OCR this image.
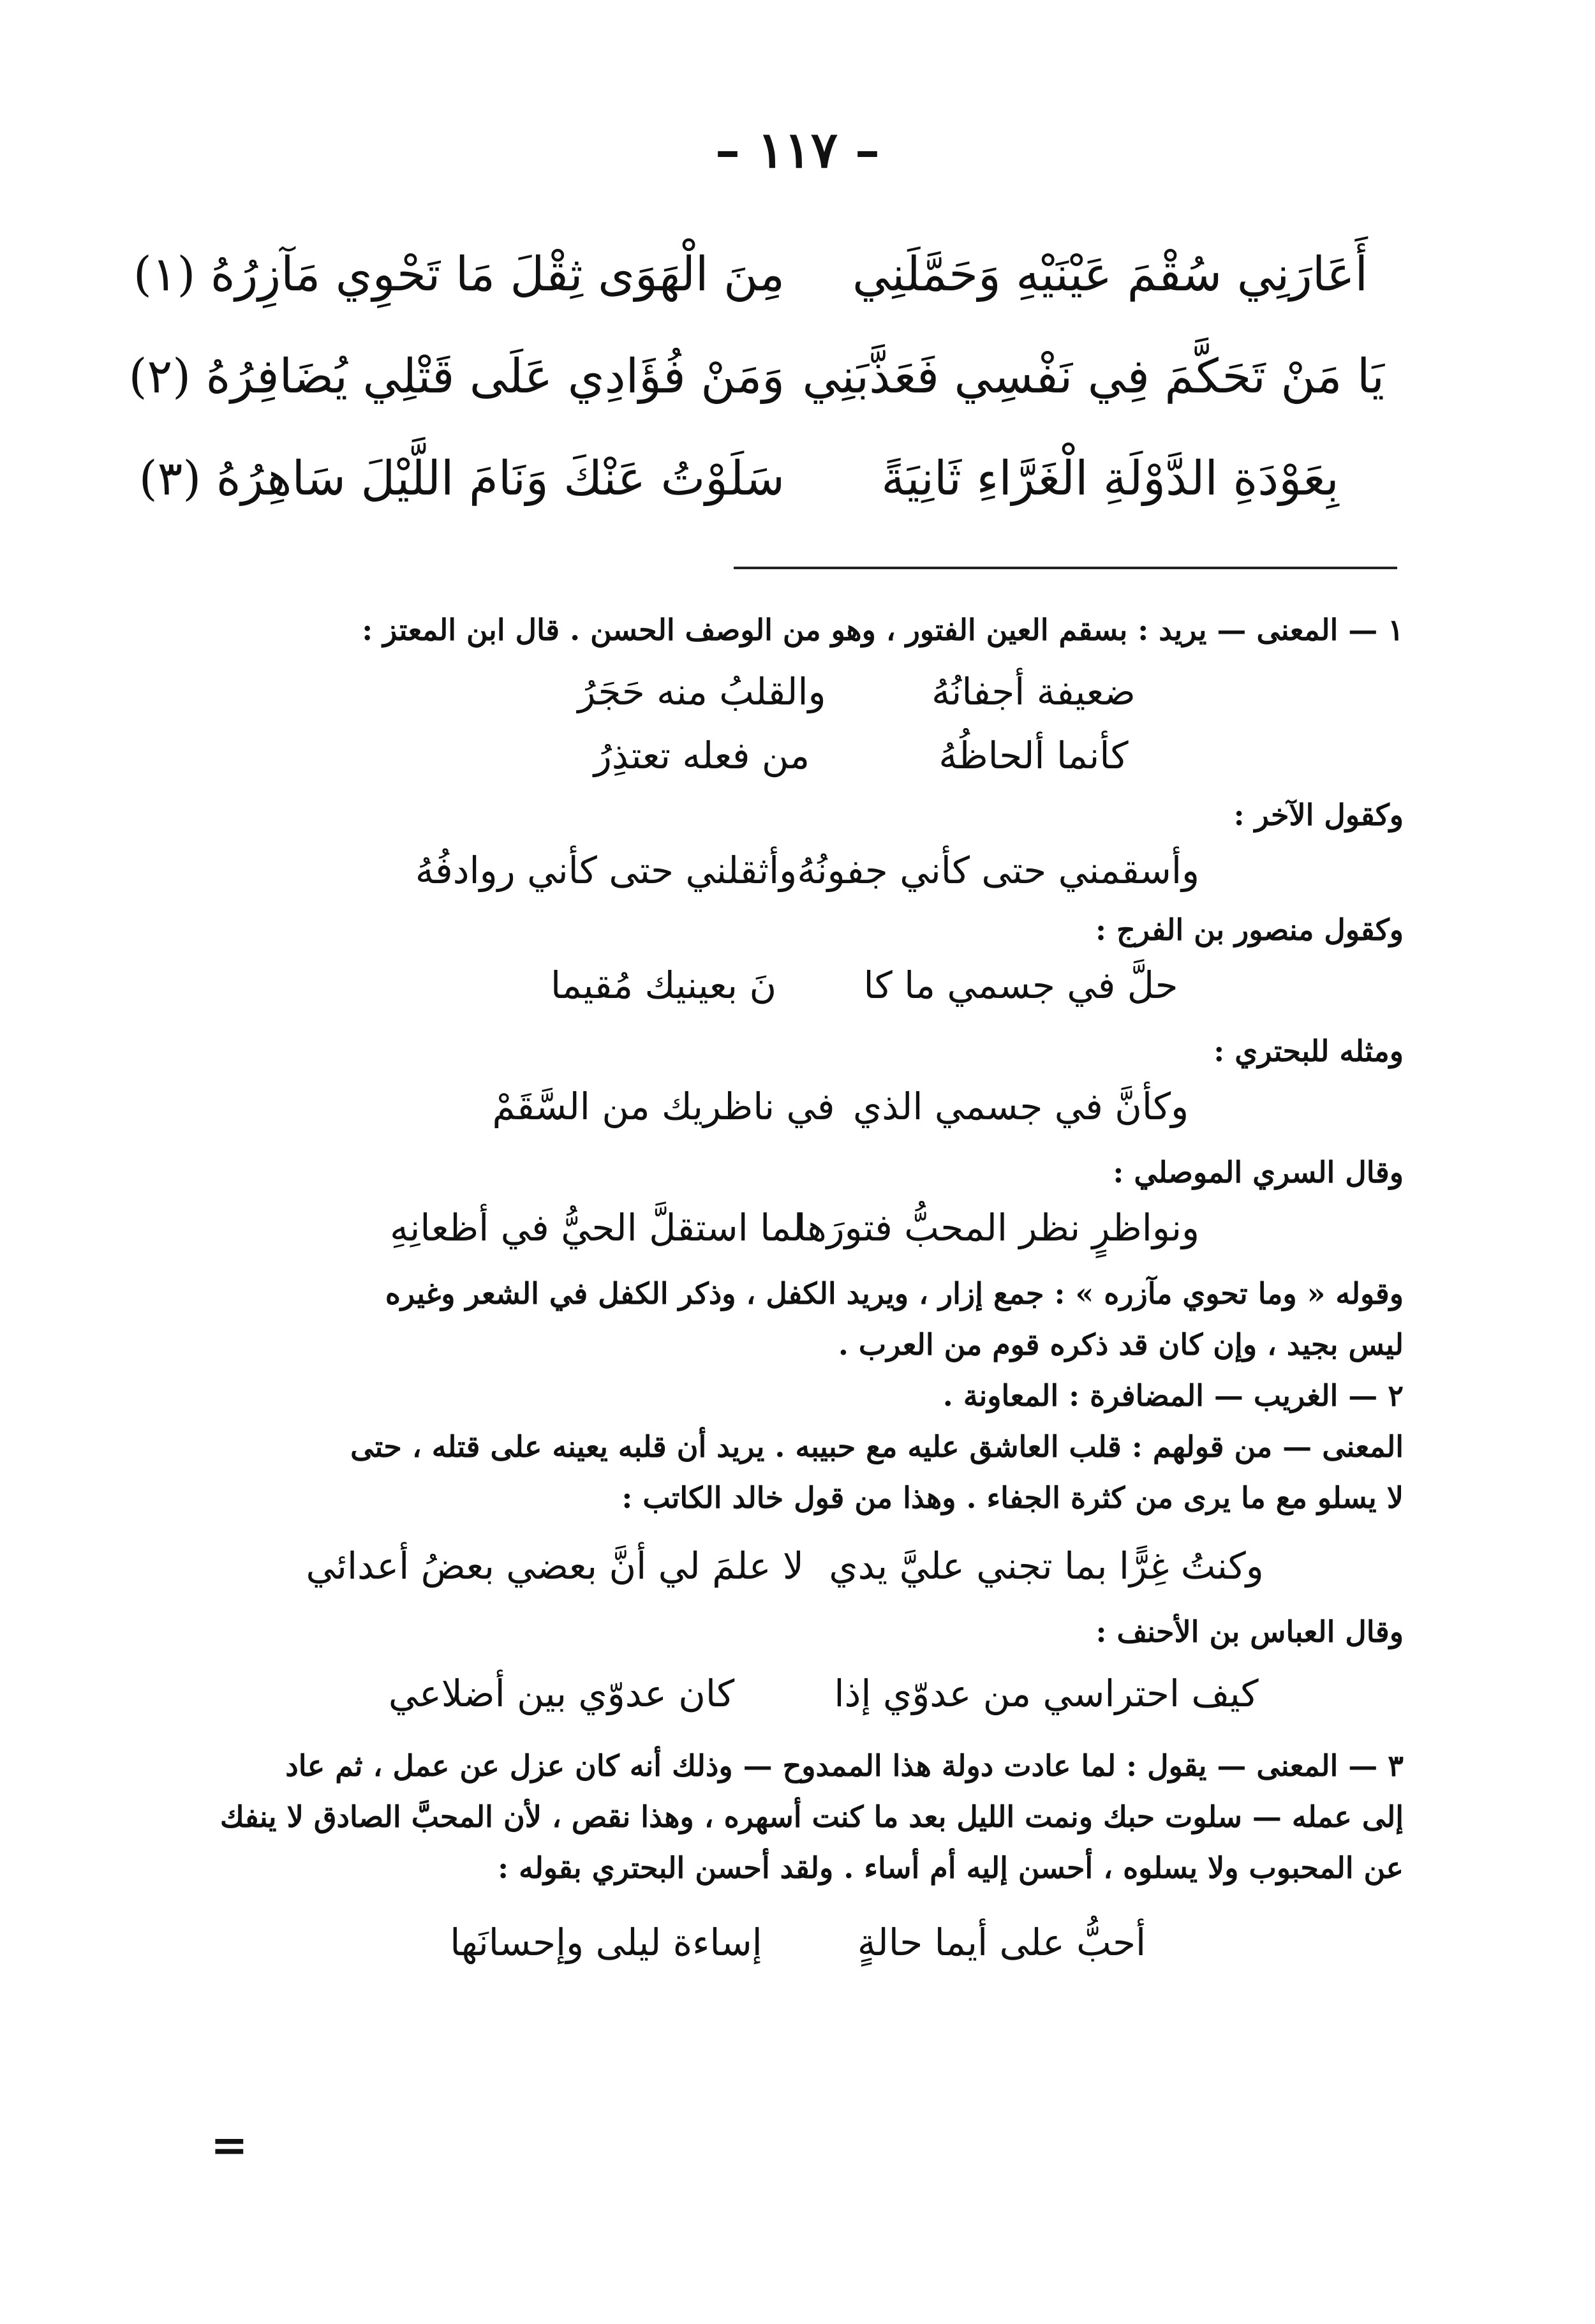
– ١١٧ –
أَعَارَنِي سُقْمَ عَيْنَيْهِ وَحَمَّلَنِي
مِنَ الْهَوَى ثِقْلَ مَا تَحْوِي مَآزِرُهُ (١)
يَا مَنْ تَحَكَّمَ فِي نَفْسِي فَعَذَّبَنِي
وَمَنْ فُؤَادِي عَلَى قَتْلِي يُضَافِرُهُ (٢)
بِعَوْدَةِ الدَّوْلَةِ الْغَرَّاءِ ثَانِيَةً
سَلَوْتُ عَنْكَ وَنَامَ اللَّيْلَ سَاهِرُهُ (٣)
١ — المعنى — يريد : بسقم العين الفتور ، وهو من الوصف الحسن . قال ابن المعتز :
ضعيفة أجفانُهُ
والقلبُ منه حَجَرُ
كأنما ألحاظُهُ
من فعله تعتذِرُ
وكقول الآخر :
وأسقمني حتى كأني جفونُهُ
وأثقلني حتى كأني روادفُهُ
وكقول منصور بن الفرج :
حلَّ في جسمي ما كا
نَ بعينيك مُقيما
ومثله للبحتري :
وكأنَّ في جسمي الذي
في ناظريك من السَّقَمْ
وقال السري الموصلي :
ونواظرٍ نظر المحبُّ فتورَها
لما استقلَّ الحيُّ في أظعانِهِ
وقوله « وما تحوي مآزره » : جمع إزار ، ويريد الكفل ، وذكر الكفل في الشعر وغيره
ليس بجيد ، وإن كان قد ذكره قوم من العرب .
٢ — الغريب — المضافرة : المعاونة .
المعنى — من قولهم : قلب العاشق عليه مع حبيبه . يريد أن قلبه يعينه على قتله ، حتى
لا يسلو مع ما يرى من كثرة الجفاء . وهذا من قول خالد الكاتب :
وكنتُ غِرًّا بما تجني عليَّ يدي
لا علمَ لي أنَّ بعضي بعضُ أعدائي
وقال العباس بن الأحنف :
كيف احتراسي من عدوّي إذا
كان عدوّي بين أضلاعي
٣ — المعنى — يقول : لما عادت دولة هذا الممدوح — وذلك أنه كان عزل عن عمل ، ثم عاد
إلى عمله — سلوت حبك ونمت الليل بعد ما كنت أسهره ، وهذا نقص ، لأن المحبَّ الصادق لا ينفك
عن المحبوب ولا يسلوه ، أحسن إليه أم أساء . ولقد أحسن البحتري بقوله :
أحبُّ على أيما حالةٍ
إساءة ليلى وإحسانَها
=
